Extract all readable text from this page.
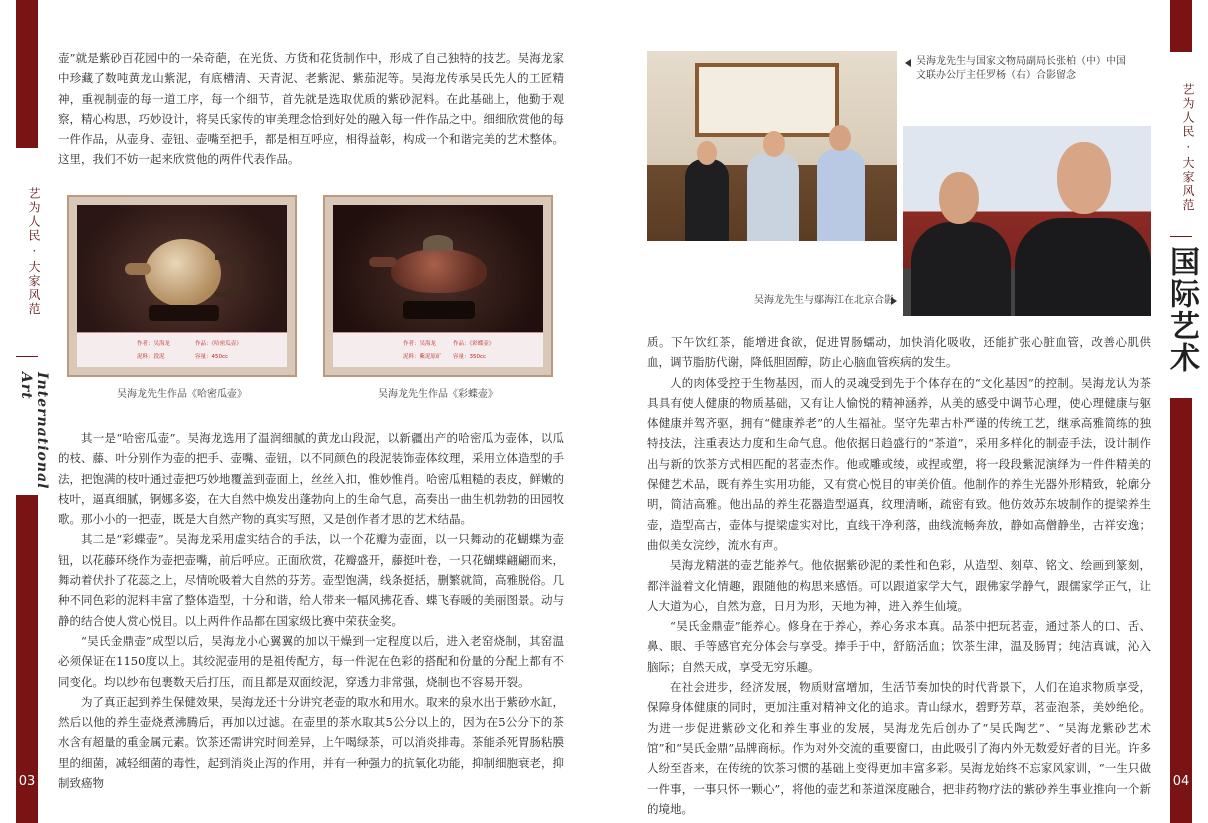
艺为人民 · 大家风范
International Art
03

壶”就是紫砂百花园中的一朵奇葩，在光货、方货和花货制作中，形成了自己独特的技艺。吴海龙家中珍藏了数吨黄龙山紫泥，有底槽清、天青泥、老紫泥、紫茄泥等。吴海龙传承吴氏先人的工匠精神，重视制壶的每一道工序，每一个细节，首先就是选取优质的紫砂泥料。在此基础上，他勤于观察，精心构思，巧妙设计，将吴氏家传的审美理念恰到好处的融入每一件作品之中。细细欣赏他的每一件作品，从壶身、壶钮、壶嘴至把手，都是相互呼应，相得益彰，构成一个和谐完美的艺术整体。这里，我们不妨一起来欣赏他的两件代表作品。

作者：吴海龙	作品：《哈密瓜壶》
泥料：段泥	容量：450cc
吴海龙先生作品《哈密瓜壶》
作者：吴海龙	作品：《彩蝶壶》
泥料：紫泥原矿 容量：350cc
吴海龙先生作品《彩蝶壶》

其一是“哈密瓜壶”。吴海龙选用了温润细腻的黄龙山段泥，以新疆出产的哈密瓜为壶体，以瓜的枝、藤、叶分别作为壶的把手、壶嘴、壶钮，以不同颜色的段泥装饰壶体纹理，采用立体造型的手法，把饱满的枝叶通过壶把巧妙地覆盖到壶面上，丝丝入扣，惟妙惟肖。哈密瓜粗糙的表皮，鲜嫩的枝叶，逼真细腻，锕娜多姿，在大自然中焕发出蓬勃向上的生命气息，高奏出一曲生机勃勃的田园牧歌。那小小的一把壶，既是大自然产物的真实写照，又是创作者才思的艺术结晶。

其二是“彩蝶壶”。吴海龙采用虚实结合的手法，以一个花瓣为壶面，以一只舞动的花蝴蝶为壶钮，以花藤环绕作为壶把壶嘴，前后呼应。正面欣赏，花瓣盛开，藤挺叶卷，一只花蝴蝶翩翩而来，舞动着伏扑了花蕊之上，尽情吮吸着大自然的芬芳。壶型饱满，线条挺括，删繁就简，高雅脱俗。几种不同色彩的泥料丰富了整体造型，十分和谐，给人带来一幅风拂花香、蝶飞春暖的美丽图景。动与静的结合使人赏心悦目。以上两件作品都在国家级比赛中荣获金奖。

“吴氏金鼎壶”成型以后，吴海龙小心翼翼的加以干燥到一定程度以后，进入老窑烧制，其窑温必须保证在1150度以上。其绞泥壶用的是祖传配方，每一件泥在色彩的搭配和份量的分配上都有不同变化。均以纱布包裹数天后打压，而且都是双面绞泥，穿透力非常强，烧制也不容易开裂。

为了真正起到养生保健效果，吴海龙还十分讲究老壶的取水和用水。取来的泉水出于紫砂水缸，然后以他的养生壶烧煮沸腾后，再加以过滤。在壶里的茶水取其5公分以上的，因为在5公分下的茶水含有超量的重金属元素。饮茶还需讲究时间差异，上午喝绿茶，可以消炎排毒。茶能杀死胃肠粘膜里的细菌，减轻细菌的毒性，起到消炎止泻的作用，并有一种强力的抗氧化功能，抑制细胞衰老，抑制致癌物

吴海龙先生与国家文物局副局长张柏（中）中国文联办公厅主任罗杨（右）合影留念
吴海龙先生与鄢海江在北京合影

质。下午饮红茶，能增进食欲，促进胃肠蠕动，加快消化吸收，还能扩张心脏血管，改善心肌供血，调节脂肪代谢，降低胆固醇，防止心脑血管疾病的发生。

人的肉体受控于生物基因，而人的灵魂受到先于个体存在的“文化基因”的控制。吴海龙认为茶具具有使人健康的物质基础，又有让人愉悦的精神涵养，从美的感受中调节心理，使心理健康与躯体健康并驾齐驱，拥有“健康养老”的人生福祉。坚守先辈古朴严谨的传统工艺，继承高雅简练的独特技法，注重表达力度和生命气息。他依据日趋盛行的“茶道”，采用多样化的制壶手法，设计制作出与新的饮茶方式相匹配的茗壶杰作。他或雕或绫，或捏或塑，将一段段紫泥演绎为一件件精美的保健艺术品，既有养生实用功能，又有赏心悦目的审美价值。他制作的养生光器外形精致，轮廓分明，简洁高雅。他出品的养生花器造型逼真，纹理清晰，疏密有致。他仿效苏东坡制作的提梁养生壶，造型高古，壶体与提梁虚实对比，直线干净利落，曲线流畅奔放，静如高僧静坐，古祥安逸；曲似美女浣纱，流水有声。

吴海龙精湛的壶艺能养气。他依据紫砂泥的柔性和色彩，从造型、刻草、铭文、绘画到篆刻，都泮溢着文化情趣，跟随他的构思来感悟。可以跟道家学大气，跟佛家学静气，跟儒家学正气，让人大道为心，自然为意，日月为形，天地为神，进入养生仙境。

“吴氏金鼎壶”能养心。修身在于养心，养心务求本真。品茶中把玩茗壶，通过茶人的口、舌、鼻、眼、手等感官充分体会与享受。捧手于中，舒筋活血；饮茶生津，温及肠胃；纯洁真诚，沁入脑际；自然天成，享受无穷乐趣。

在社会进步，经济发展，物质财富增加，生活节奏加快的时代背景下，人们在追求物质享受，保障身体健康的同时，更加注重对精神文化的追求。青山绿水，碧野芳草，茗壶泡茶，美妙绝伦。为进一步促进紫砂文化和养生事业的发展，吴海龙先后创办了“吴氏陶艺”、“吴海龙紫砂艺术馆”和“吴氏金鼎”品牌商标。作为对外交流的重要窗口，由此吸引了海内外无数爱好者的目光。许多人纷至沓来，在传统的饮茶习惯的基础上变得更加丰富多彩。吴海龙始终不忘家风家训，“一生只做一件事，一事只怀一颗心”，将他的壶艺和茶道深度融合，把非药物疗法的紫砂养生事业推向一个新的境地。

艺为人民 · 大家风范
国际艺术
04
